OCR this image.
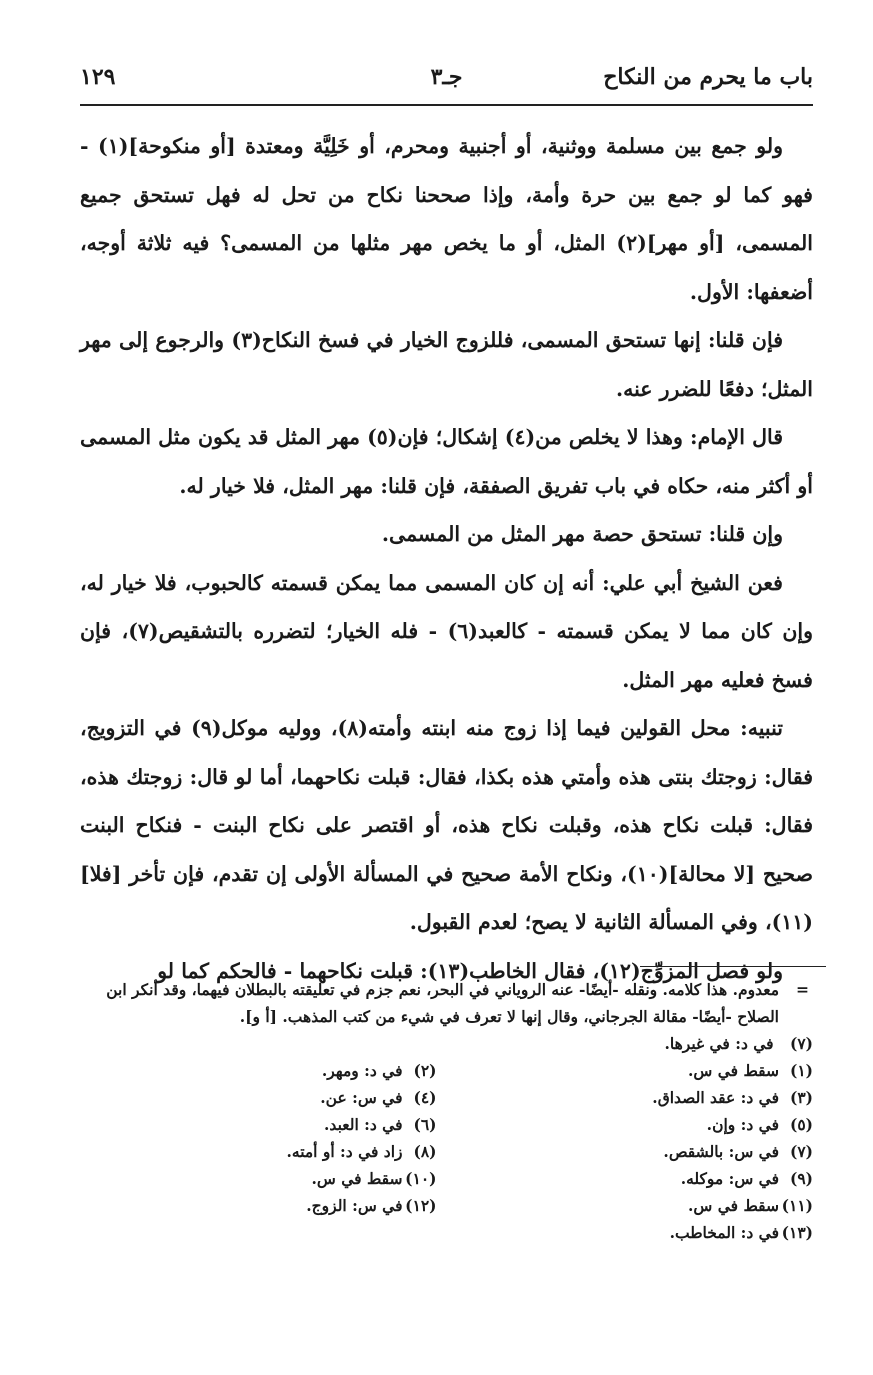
باب ما يحرم من النكاح
جـ٣
١٢٩

ولو جمع بين مسلمة ووثنية، أو أجنبية ومحرم، أو خَلِيَّة ومعتدة [أو منكوحة](١) - فهو كما لو جمع بين حرة وأمة، وإذا صححنا نكاح من تحل له فهل تستحق جميع المسمى، [أو مهر](٢) المثل، أو ما يخص مهر مثلها من المسمى؟ فيه ثلاثة أوجه، أضعفها: الأول.

فإن قلنا: إنها تستحق المسمى، فللزوج الخيار في فسخ النكاح(٣) والرجوع إلى مهر المثل؛ دفعًا للضرر عنه.

قال الإمام: وهذا لا يخلص من(٤) إشكال؛ فإن(٥) مهر المثل قد يكون مثل المسمى أو أكثر منه، حكاه في باب تفريق الصفقة، فإن قلنا: مهر المثل، فلا خيار له.

وإن قلنا: تستحق حصة مهر المثل من المسمى.

فعن الشيخ أبي علي: أنه إن كان المسمى مما يمكن قسمته كالحبوب، فلا خيار له، وإن كان مما لا يمكن قسمته - كالعبد(٦) - فله الخيار؛ لتضرره بالتشقيص(٧)، فإن فسخ فعليه مهر المثل.

تنبيه: محل القولين فيما إذا زوج منه ابنته وأمته(٨)، ووليه موكل(٩) في التزويج، فقال: زوجتك بنتى هذه وأمتي هذه بكذا، فقال: قبلت نكاحهما، أما لو قال: زوجتك هذه، فقال: قبلت نكاح هذه، وقبلت نكاح هذه، أو اقتصر على نكاح البنت - فنكاح البنت صحيح [لا محالة](١٠)، ونكاح الأمة صحيح في المسألة الأولى إن تقدم، فإن تأخر [فلا](١١)، وفي المسألة الثانية لا يصح؛ لعدم القبول.

ولو فصل المزوِّج(١٢)، فقال الخاطب(١٣): قبلت نكاحهما - فالحكم كما لو

=
معدوم. هذا كلامه. ونقله -أيضًا- عنه الروياني في البحر، نعم جزم في تعليقته بالبطلان فيهما، وقد أنكر ابن الصلاح -أيضًا- مقالة الجرجاني، وقال إنها لا تعرف في شيء من كتب المذهب. [أ و].
(٧) في د: في غيرها.
(١)سقط في س.
(٢)في د: ومهر.
(٣)في د: عقد الصداق.
(٤)في س: عن.
(٥)في د: وإن.
(٦)في د: العبد.
(٧)في س: بالشقص.
(٨)زاد في د: أو أمته.
(٩)في س: موكله.
(١٠)سقط في س.
(١١)سقط في س.
(١٢)في س: الزوج.
(١٣)في د: المخاطب.
